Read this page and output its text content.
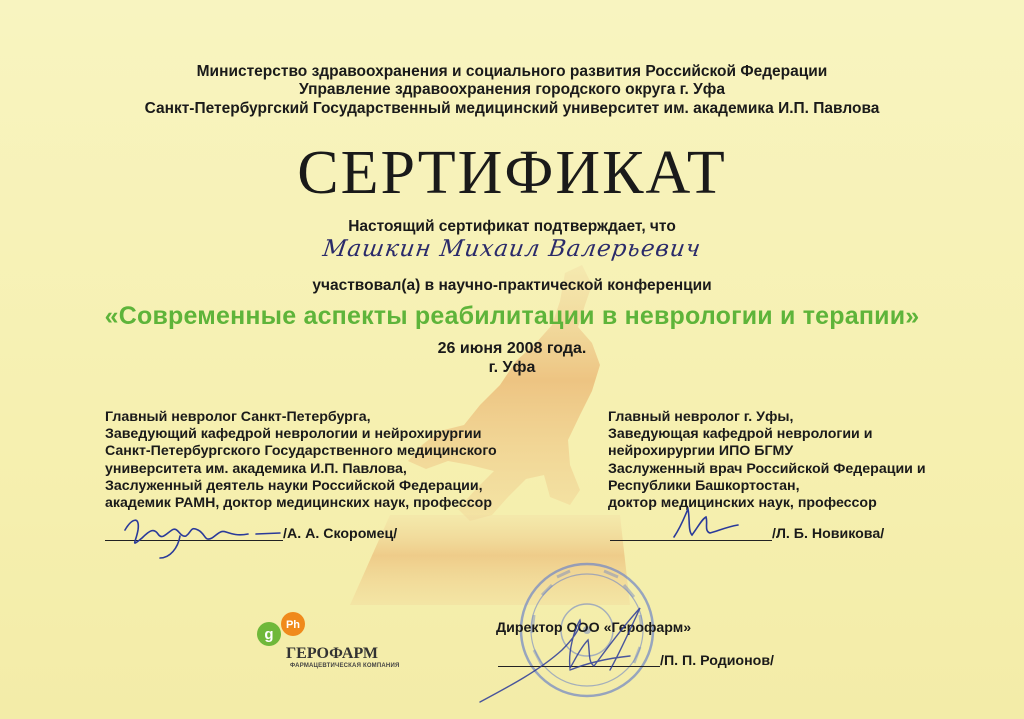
Министерство здравоохранения и социального развития Российской Федерации
Управление здравоохранения городского округа г. Уфа
Санкт-Петербургский Государственный медицинский университет им. академика И.П. Павлова
СЕРТИФИКАТ
Настоящий сертификат подтверждает, что
Машкин Михаил Валерьевич
участвовал(а) в научно-практической конференции
«Современные аспекты реабилитации в неврологии и терапии»
26 июня 2008 года.
г. Уфа
Главный невролог Санкт-Петербурга,
Заведующий кафедрой неврологии и нейрохирургии
Санкт-Петербургского Государственного медицинского
университета им. академика И.П. Павлова,
Заслуженный деятель науки Российской Федерации,
академик РАМН, доктор медицинских наук, профессор
/А. А. Скоромец/
Главный невролог г. Уфы,
Заведующая кафедрой неврологии и
нейрохирургии ИПО БГМУ
Заслуженный врач Российской Федерации и
Республики Башкортостан,
доктор медицинских наук, профессор
/Л. Б. Новикова/
Директор ООО «Герофарм»
/П. П. Родионов/
g
Ph
ГЕРОФАРМ
ФАРМАЦЕВТИЧЕСКАЯ КОМПАНИЯ
